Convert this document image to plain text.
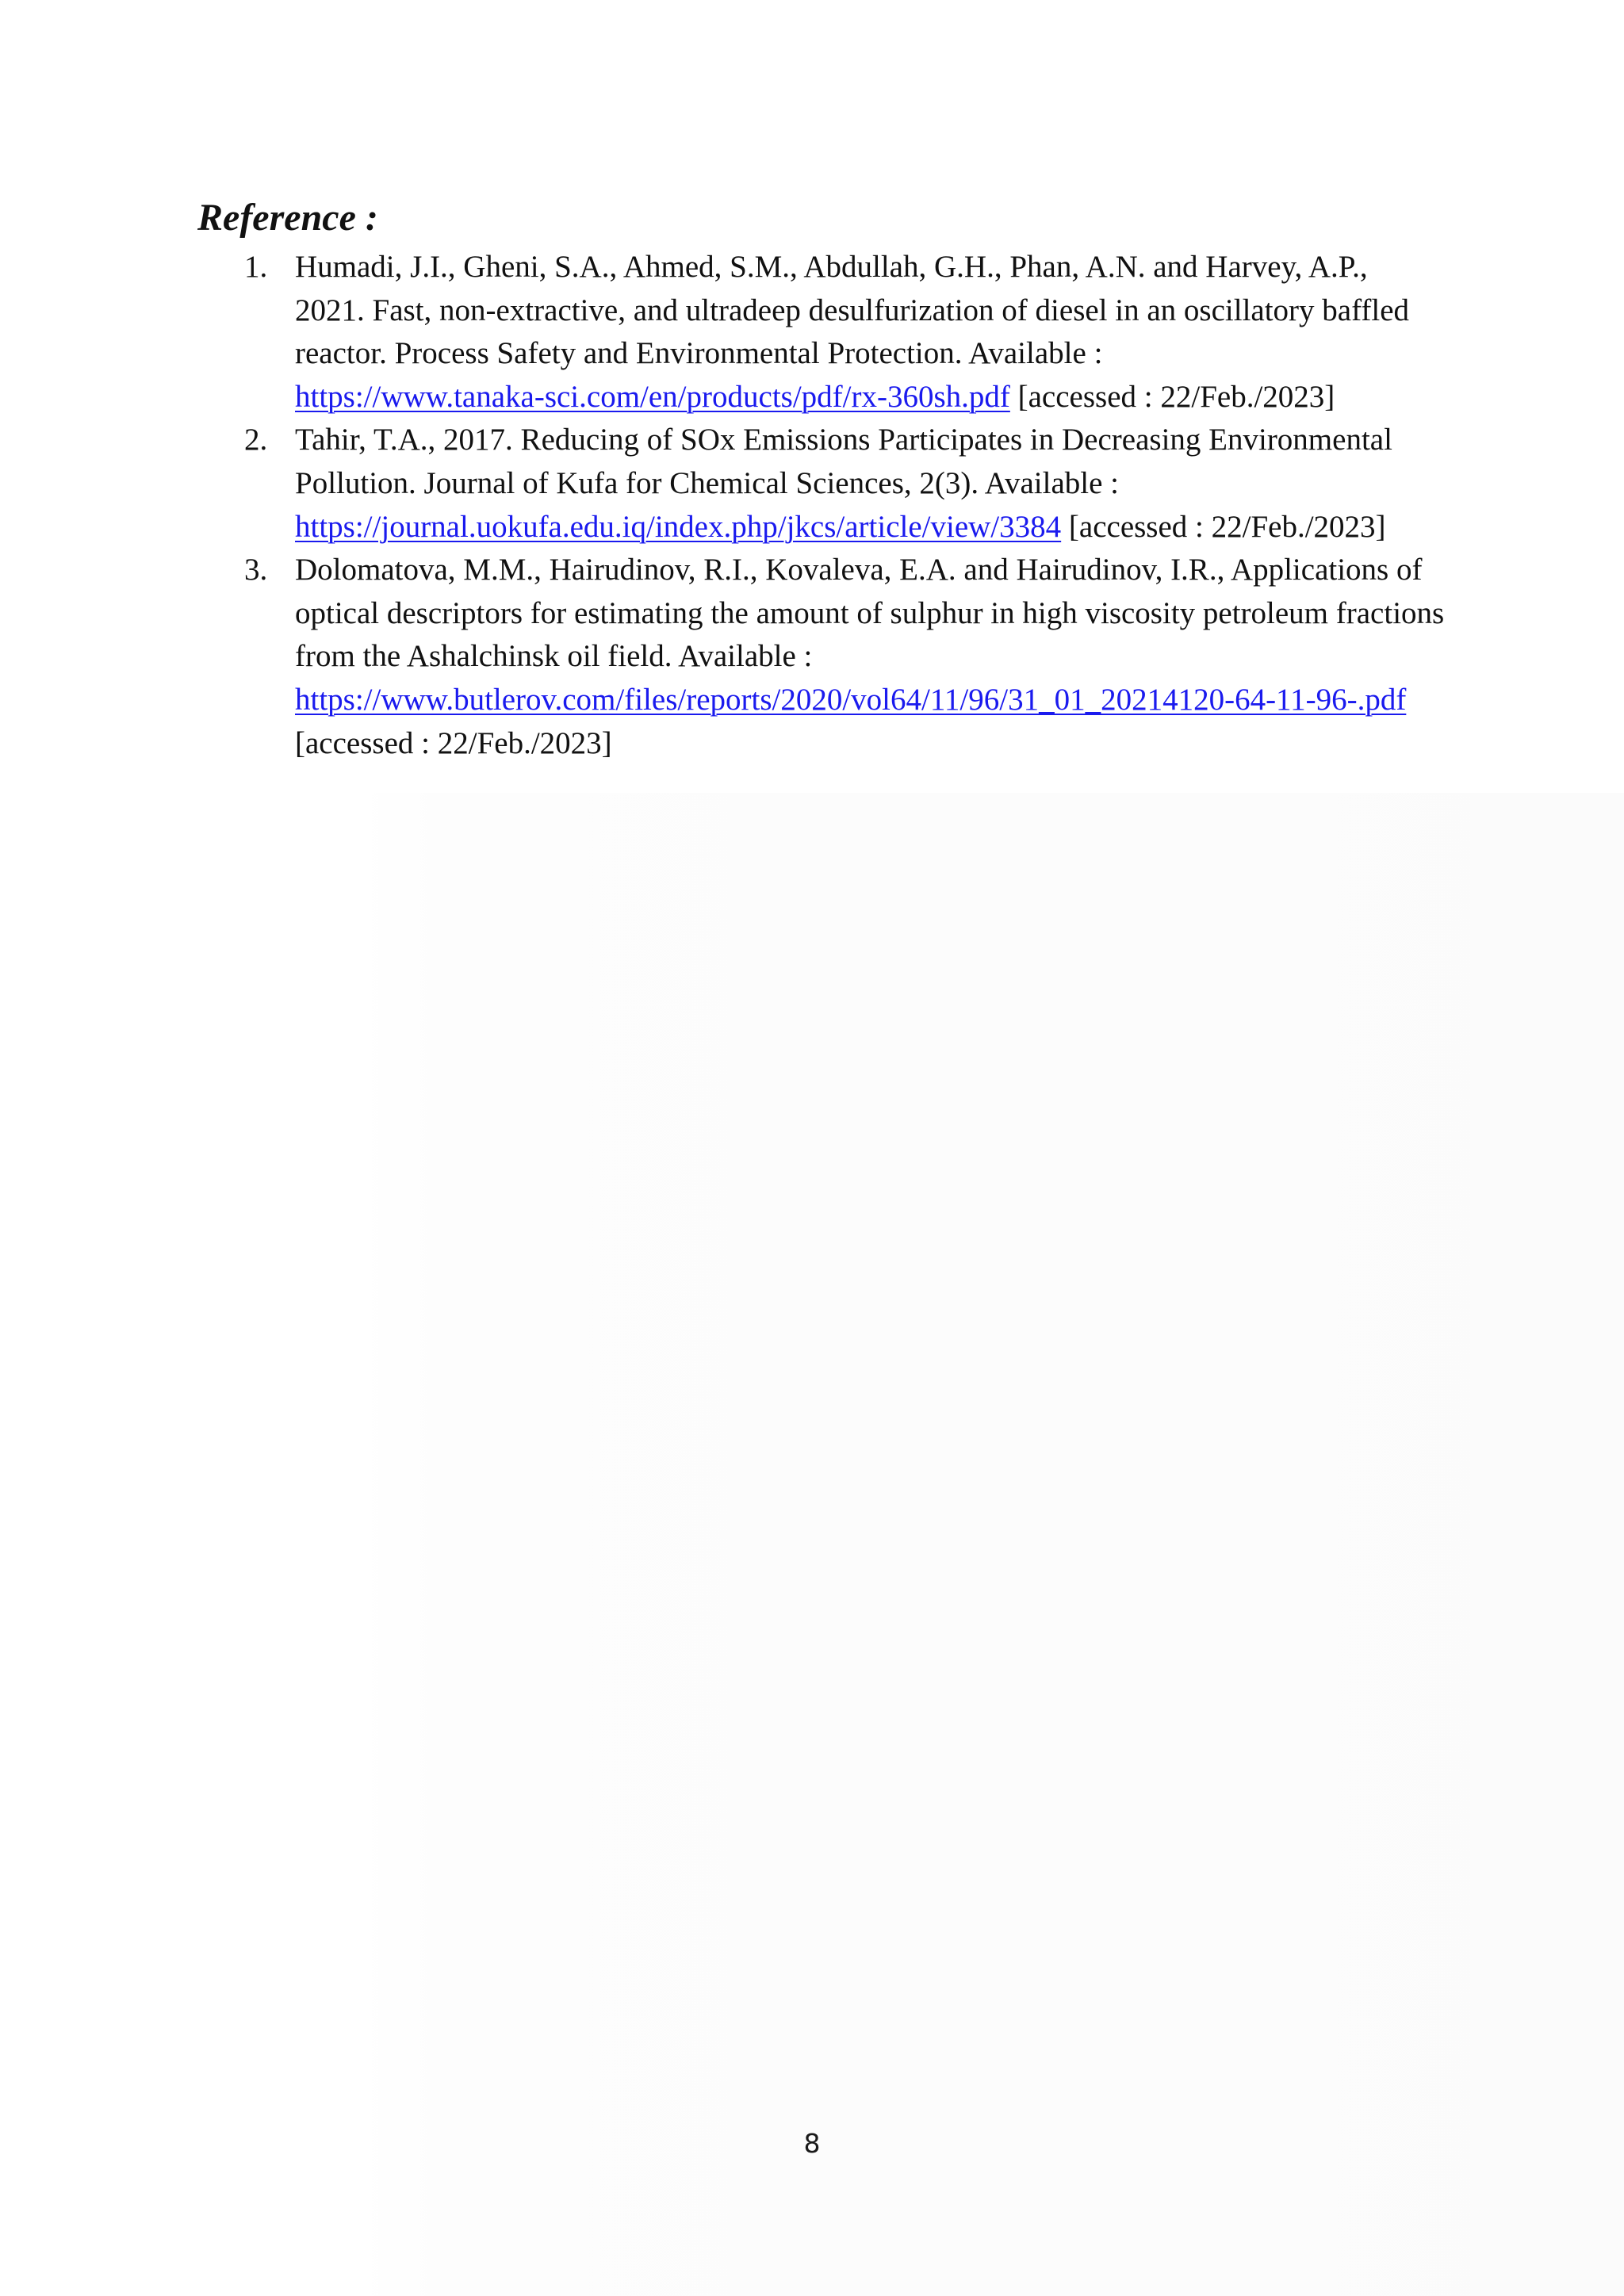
Reference :
1. Humadi, J.I., Gheni, S.A., Ahmed, S.M., Abdullah, G.H., Phan, A.N. and Harvey, A.P., 2021. Fast, non-extractive, and ultradeep desulfurization of diesel in an oscillatory baffled reactor. Process Safety and Environmental Protection. Available :
https://www.tanaka-sci.com/en/products/pdf/rx-360sh.pdf [accessed : 22/Feb./2023]
2. Tahir, T.A., 2017. Reducing of SOx Emissions Participates in Decreasing Environmental Pollution. Journal of Kufa for Chemical Sciences, 2(3). Available :
https://journal.uokufa.edu.iq/index.php/jkcs/article/view/3384 [accessed : 22/Feb./2023]
3. Dolomatova, M.M., Hairudinov, R.I., Kovaleva, E.A. and Hairudinov, I.R., Applications of optical descriptors for estimating the amount of sulphur in high viscosity petroleum fractions from the Ashalchinsk oil field. Available :
https://www.butlerov.com/files/reports/2020/vol64/11/96/31_01_20214120-64-11-96-.pdf  [accessed : 22/Feb./2023]
8
